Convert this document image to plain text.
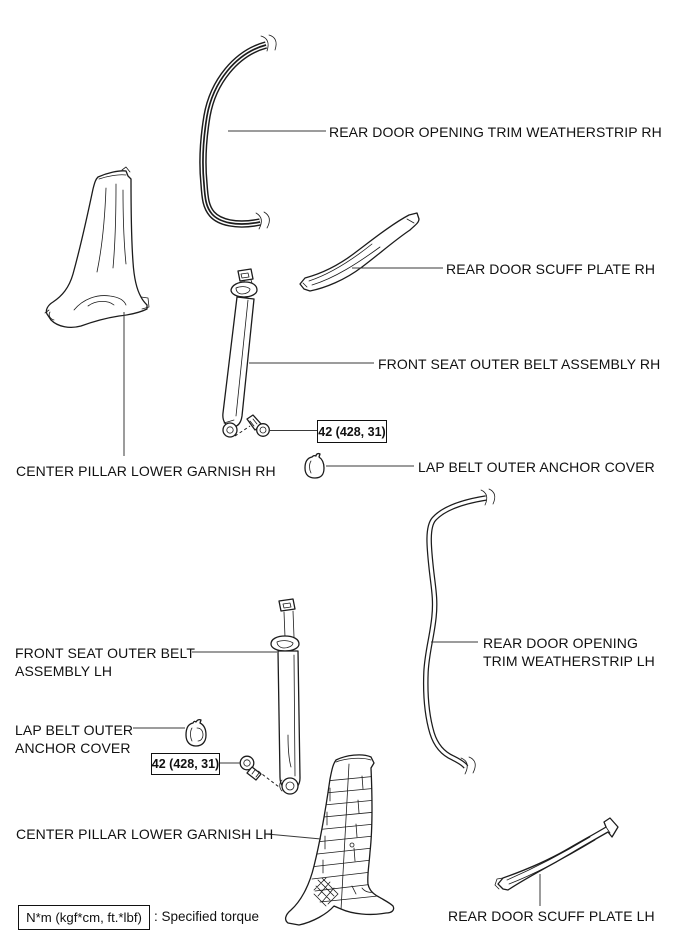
REAR DOOR OPENING TRIM WEATHERSTRIP RH
REAR DOOR SCUFF PLATE RH
FRONT SEAT OUTER BELT ASSEMBLY RH
42 (428, 31)
LAP BELT OUTER ANCHOR COVER
CENTER PILLAR LOWER GARNISH RH
FRONT SEAT OUTER BELT
ASSEMBLY LH
REAR DOOR OPENING
TRIM WEATHERSTRIP LH
LAP BELT OUTER
ANCHOR COVER
42 (428, 31)
CENTER PILLAR LOWER GARNISH LH
REAR DOOR SCUFF PLATE LH
N*m (kgf*cm, ft.*lbf) : Specified torque
